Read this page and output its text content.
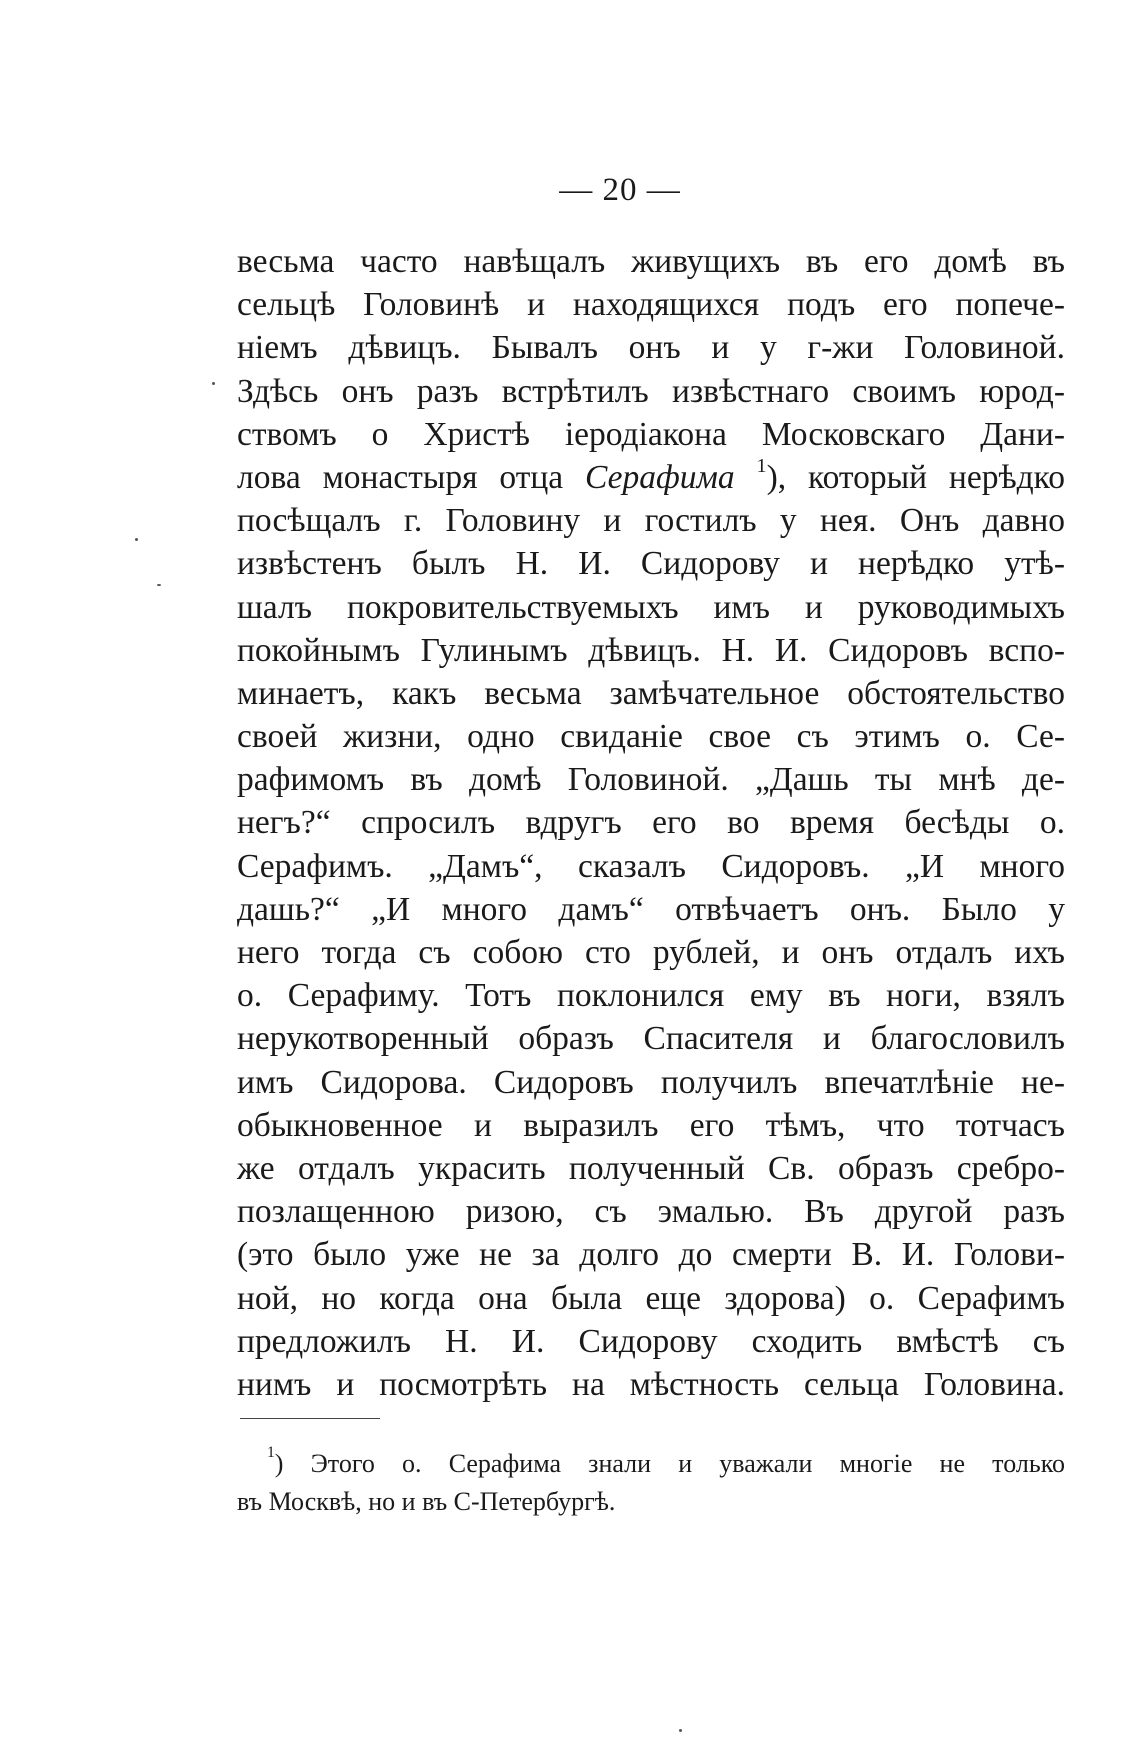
— 20 —
весьма часто навѣщалъ живущихъ въ его домѣ въ
сельцѣ Головинѣ и находящихся подъ его попече-
ніемъ дѣвицъ. Бывалъ онъ и у г-жи Головиной.
Здѣсь онъ разъ встрѣтилъ извѣстнаго своимъ юрод-
ствомъ о Христѣ іеродіакона Московскаго Дани-
лова монастыря отца Серафима $^1$), который нерѣдко
посѣщалъ г. Головину и гостилъ у нея. Онъ давно
извѣстенъ былъ Н. И. Сидорову и нерѣдко утѣ-
шалъ покровительствуемыхъ имъ и руководимыхъ
покойнымъ Гулинымъ дѣвицъ. Н. И. Сидоровъ вспо-
минаетъ, какъ весьма замѣчательное обстоятельство
своей жизни, одно свиданіе свое съ этимъ о. Се-
рафимомъ въ домѣ Головиной. „Дашь ты мнѣ де-
негъ?“ спросилъ вдругъ его во время бесѣды о.
Серафимъ. „Дамъ“, сказалъ Сидоровъ. „И много
дашь?“ „И много дамъ“ отвѣчаетъ онъ. Было у
него тогда съ собою сто рублей, и онъ отдалъ ихъ
о. Серафиму. Тотъ поклонился ему въ ноги, взялъ
нерукотворенный образъ Спасителя и благословилъ
имъ Сидорова. Сидоровъ получилъ впечатлѣніе не-
обыкновенное и выразилъ его тѣмъ, что тотчасъ
же отдалъ украсить полученный Св. образъ сребро-
позлащенною ризою, съ эмалью. Въ другой разъ
(это было уже не за долго до смерти В. И. Голови-
ной, но когда она была еще здорова) о. Серафимъ
предложилъ Н. И. Сидорову сходить вмѣстѣ съ
нимъ и посмотрѣть на мѣстность сельца Головина.
$^1$) Этого о. Серафима знали и уважали многіе не только
въ Москвѣ, но и въ С-Петербургѣ.
